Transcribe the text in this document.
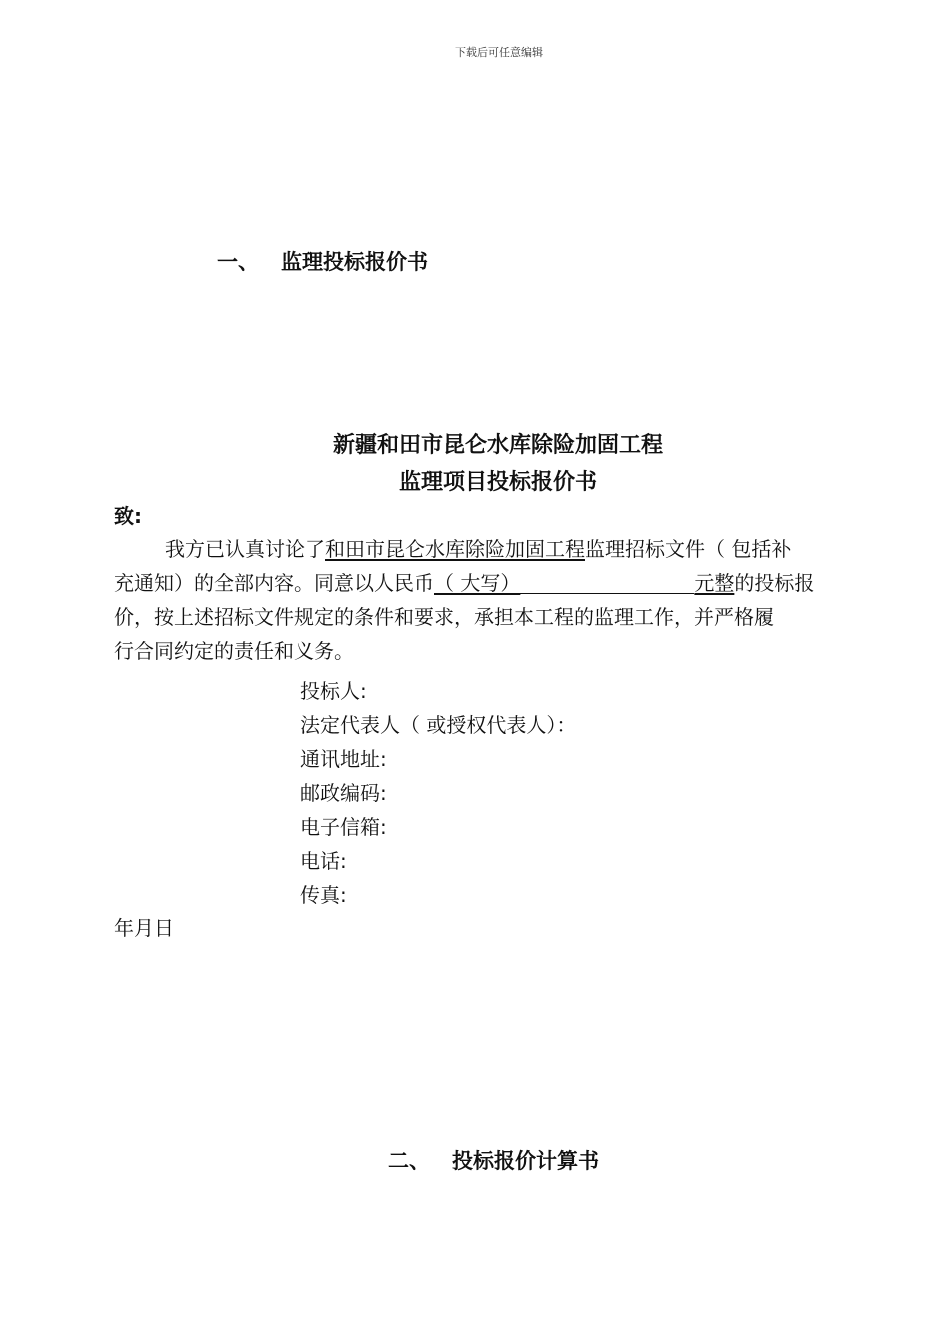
下载后可任意编辑
一、 监理投标报价书
新疆和田市昆仑水库除险加固工程
监理项目投标报价书
致:
我方已认真讨论了和田市昆仑水库除险加固工程监理招标文件（ 包括补
充通知）的全部内容。同意以人民币（ 大写）	元整的投标报
价，按上述招标文件规定的条件和要求，承担本工程的监理工作，并严格履
行合同约定的责任和义务。
投标人:
法定代表人（ 或授权代表人）：
通讯地址:
邮政编码:
电子信箱:
电话:
传真:
年月日
二、 投标报价计算书
